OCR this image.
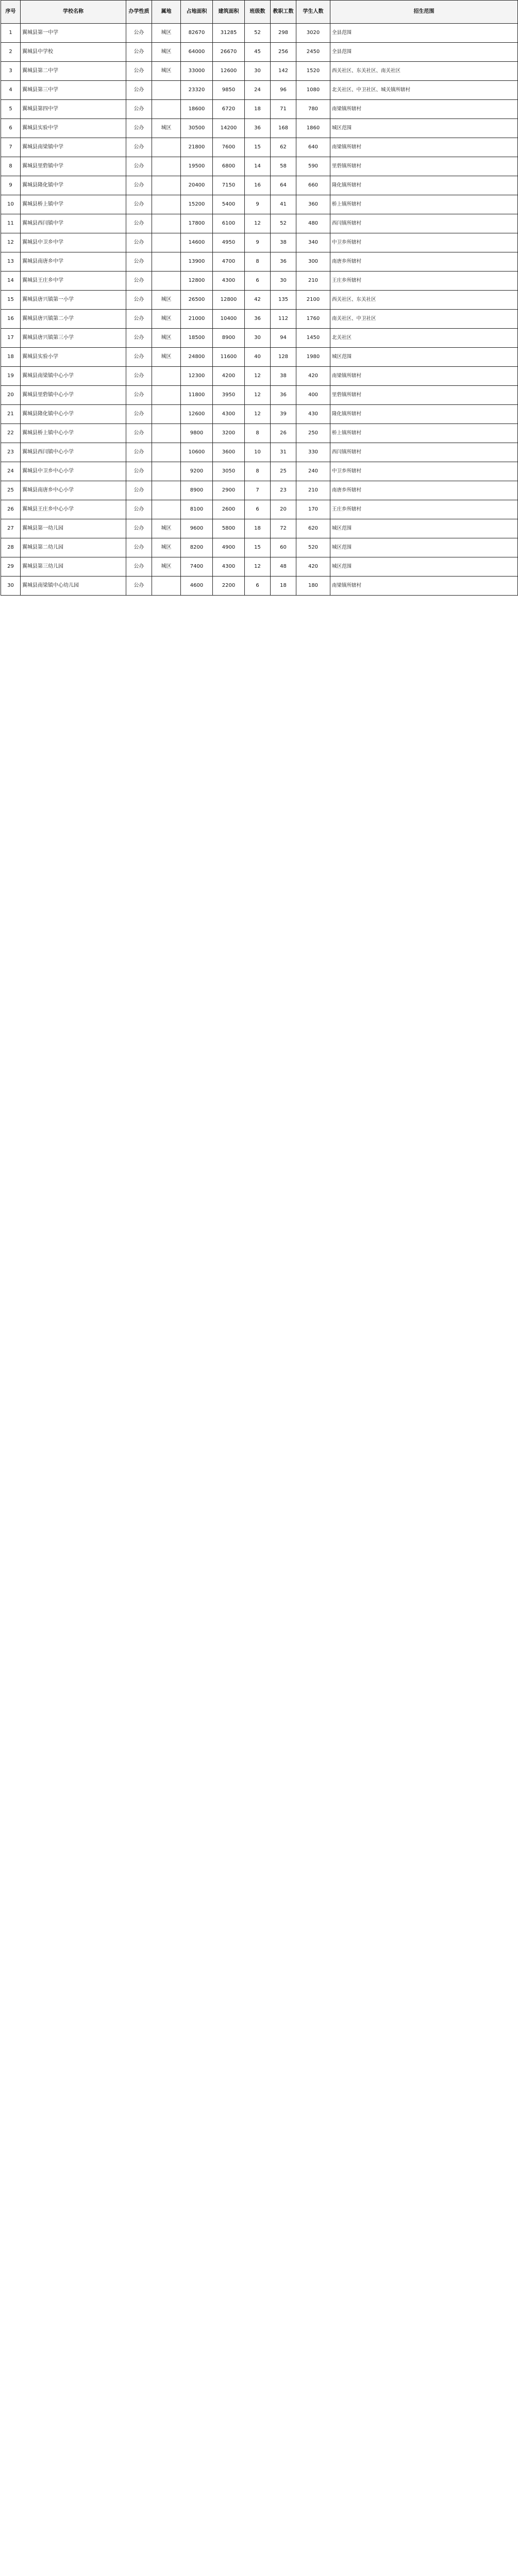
序号	学校名称	办学性质	属地	占地面积	建筑面积	班级数	教职工数	学生人数	招生范围
1	翼城县第一中学	公办	城区	82670	31285	52	298	3020	全县范围
2	翼城县中学校	公办	城区	64000	26670	45	256	2450	全县范围
3	翼城县第二中学	公办	城区	33000	12600	30	142	1520	西关社区、东关社区、南关社区
4	翼城县第三中学	公办		23320	9850	24	96	1080	北关社区、中卫社区、城关镇所辖村
5	翼城县第四中学	公办		18600	6720	18	71	780	南梁镇所辖村
6	翼城县实验中学	公办	城区	30500	14200	36	168	1860	城区范围
7	翼城县南梁镇中学	公办		21800	7600	15	62	640	南梁镇所辖村
8	翼城县里砦镇中学	公办		19500	6800	14	58	590	里砦镇所辖村
9	翼城县隆化镇中学	公办		20400	7150	16	64	660	隆化镇所辖村
10	翼城县桥上镇中学	公办		15200	5400	9	41	360	桥上镇所辖村
11	翼城县西闫镇中学	公办		17800	6100	12	52	480	西闫镇所辖村
12	翼城县中卫乡中学	公办		14600	4950	9	38	340	中卫乡所辖村
13	翼城县南唐乡中学	公办		13900	4700	8	36	300	南唐乡所辖村
14	翼城县王庄乡中学	公办		12800	4300	6	30	210	王庄乡所辖村
15	翼城县唐兴镇第一小学	公办	城区	26500	12800	42	135	2100	西关社区、东关社区
16	翼城县唐兴镇第二小学	公办	城区	21000	10400	36	112	1760	南关社区、中卫社区
17	翼城县唐兴镇第三小学	公办	城区	18500	8900	30	94	1450	北关社区
18	翼城县实验小学	公办	城区	24800	11600	40	128	1980	城区范围
19	翼城县南梁镇中心小学	公办		12300	4200	12	38	420	南梁镇所辖村
20	翼城县里砦镇中心小学	公办		11800	3950	12	36	400	里砦镇所辖村
21	翼城县隆化镇中心小学	公办		12600	4300	12	39	430	隆化镇所辖村
22	翼城县桥上镇中心小学	公办		9800	3200	8	26	250	桥上镇所辖村
23	翼城县西闫镇中心小学	公办		10600	3600	10	31	330	西闫镇所辖村
24	翼城县中卫乡中心小学	公办		9200	3050	8	25	240	中卫乡所辖村
25	翼城县南唐乡中心小学	公办		8900	2900	7	23	210	南唐乡所辖村
26	翼城县王庄乡中心小学	公办		8100	2600	6	20	170	王庄乡所辖村
27	翼城县第一幼儿园	公办	城区	9600	5800	18	72	620	城区范围
28	翼城县第二幼儿园	公办	城区	8200	4900	15	60	520	城区范围
29	翼城县第三幼儿园	公办	城区	7400	4300	12	48	420	城区范围
30	翼城县南梁镇中心幼儿园	公办		4600	2200	6	18	180	南梁镇所辖村
